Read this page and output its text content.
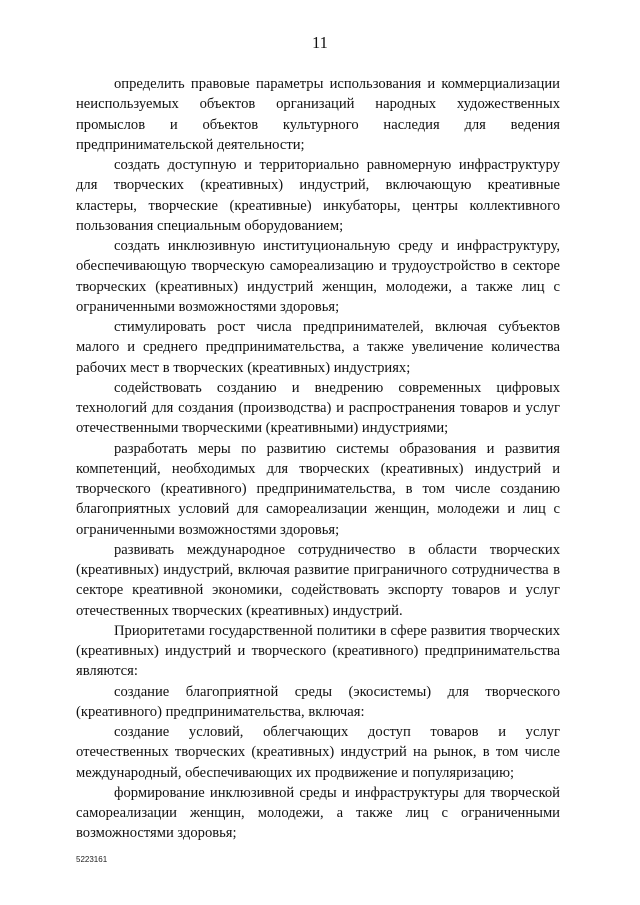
11

определить правовые параметры использования и коммерциализации неиспользуемых объектов организаций народных художественных промыслов и объектов культурного наследия для ведения предпринимательской деятельности;

создать доступную и территориально равномерную инфраструктуру для творческих (креативных) индустрий, включающую креативные кластеры, творческие (креативные) инкубаторы, центры коллективного пользования специальным оборудованием;

создать инклюзивную институциональную среду и инфраструктуру, обеспечивающую творческую самореализацию и трудоустройство в секторе творческих (креативных) индустрий женщин, молодежи, а также лиц с ограниченными возможностями здоровья;

стимулировать рост числа предпринимателей, включая субъектов малого и среднего предпринимательства, а также увеличение количества рабочих мест в творческих (креативных) индустриях;

содействовать созданию и внедрению современных цифровых технологий для создания (производства) и распространения товаров и услуг отечественными творческими (креативными) индустриями;

разработать меры по развитию системы образования и развития компетенций, необходимых для творческих (креативных) индустрий и творческого (креативного) предпринимательства, в том числе созданию благоприятных условий для самореализации женщин, молодежи и лиц с ограниченными возможностями здоровья;

развивать международное сотрудничество в области творческих (креативных) индустрий, включая развитие приграничного сотрудничества в секторе креативной экономики, содействовать экспорту товаров и услуг отечественных творческих (креативных) индустрий.

Приоритетами государственной политики в сфере развития творческих (креативных) индустрий и творческого (креативного) предпринимательства являются:

создание благоприятной среды (экосистемы) для творческого (креативного) предпринимательства, включая:

создание условий, облегчающих доступ товаров и услуг отечественных творческих (креативных) индустрий на рынок, в том числе международный, обеспечивающих их продвижение и популяризацию;

формирование инклюзивной среды и инфраструктуры для творческой самореализации женщин, молодежи, а также лиц с ограниченными возможностями здоровья;

5223161
